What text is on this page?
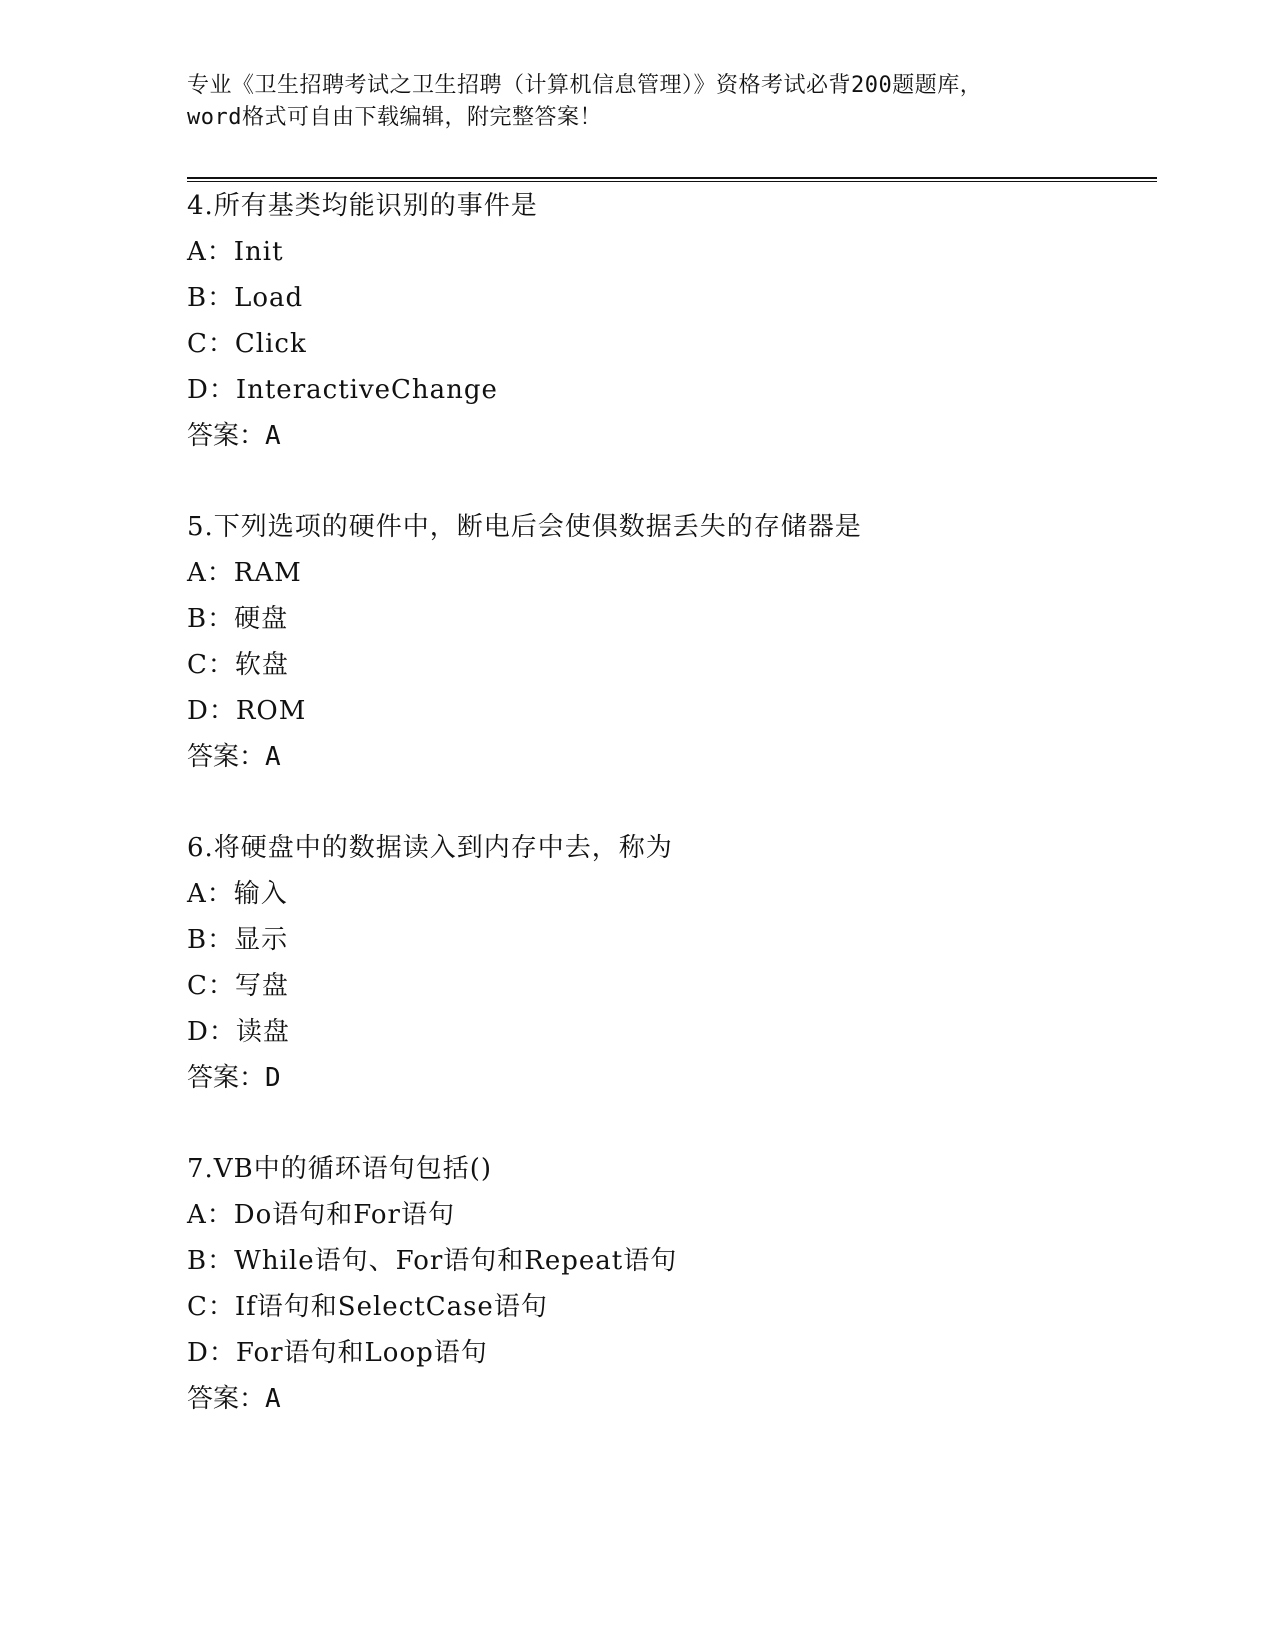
专业《卫生招聘考试之卫生招聘（计算机信息管理）》资格考试必背200题题库，
word格式可自由下载编辑，附完整答案！
4.所有基类均能识别的事件是
A：Init
B：Load
C：Click
D：InteractiveChange
答案：A
5.下列选项的硬件中，断电后会使俱数据丢失的存储器是
A：RAM
B：硬盘
C：软盘
D：ROM
答案：A
6.将硬盘中的数据读入到内存中去，称为
A：输入
B：显示
C：写盘
D：读盘
答案：D
7.VB中的循环语句包括()
A：Do语句和For语句
B：While语句、For语句和Repeat语句
C：If语句和SelectCase语句
D：For语句和Loop语句
答案：A
